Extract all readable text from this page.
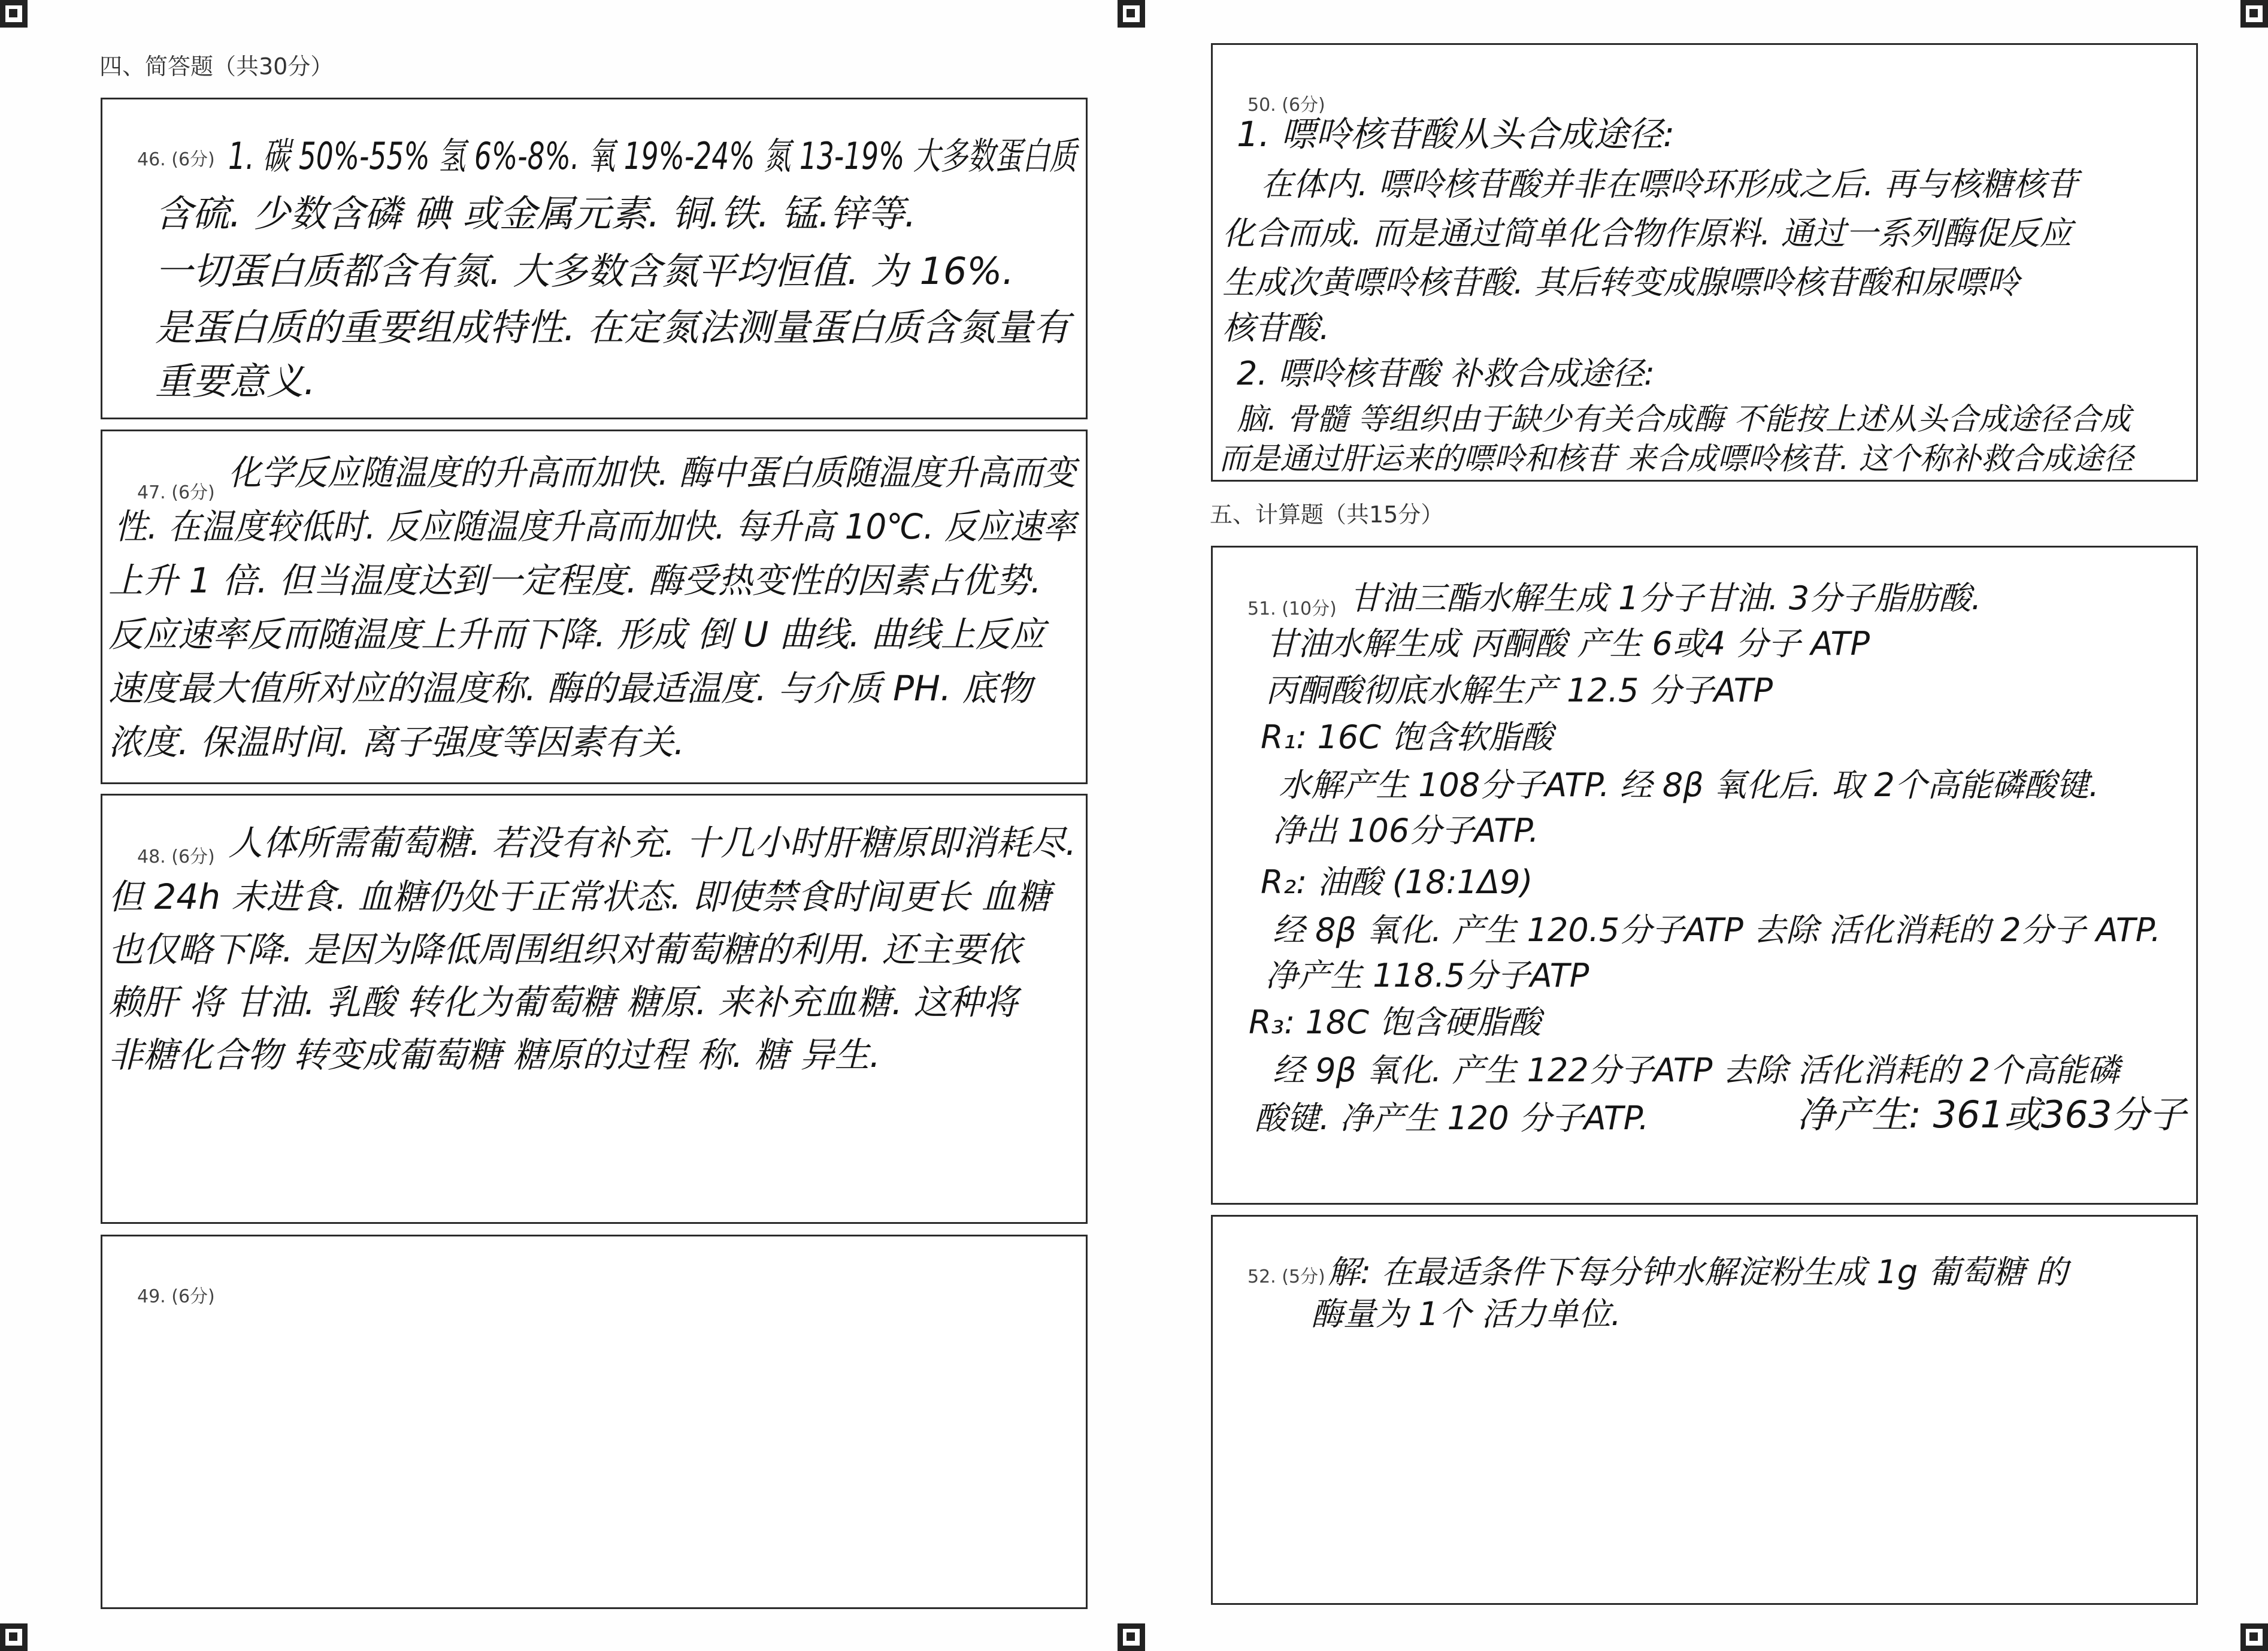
四、简答题（共30分）
五、计算题（共15分）
46. (6分) 1. 碳 50%-55% 氢 6%-8%. 氧 19%-24% 氮 13-19% 大多数蛋白质
含硫. 少数含磷 碘 或金属元素. 铜.铁. 锰.锌等.
一切蛋白质都含有氮. 大多数含氮平均恒值. 为 16%.
是蛋白质的重要组成特性. 在定氮法测量蛋白质含氮量有
重要意义.
47. (6分) 化学反应随温度的升高而加快. 酶中蛋白质随温度升高而变
性. 在温度较低时. 反应随温度升高而加快. 每升高 10℃. 反应速率
上升 1 倍. 但当温度达到一定程度. 酶受热变性的因素占优势.
反应速率反而随温度上升而下降. 形成 倒 U 曲线. 曲线上反应
速度最大值所对应的温度称. 酶的最适温度. 与介质 PH. 底物
浓度. 保温时间. 离子强度等因素有关.
48. (6分) 人体所需葡萄糖. 若没有补充. 十几小时肝糖原即消耗尽.
但 24h 未进食. 血糖仍处于正常状态. 即使禁食时间更长 血糖
也仅略下降. 是因为降低周围组织对葡萄糖的利用. 还主要依
赖肝 将 甘油. 乳酸 转化为葡萄糖 糖原. 来补充血糖. 这种将
非糖化合物 转变成葡萄糖 糖原的过程 称. 糖 异生.
49. (6分)
50. (6分)
1. 嘌呤核苷酸从头合成途径:
在体内. 嘌呤核苷酸并非在嘌呤环形成之后. 再与核糖核苷
化合而成. 而是通过简单化合物作原料. 通过一系列酶促反应
生成次黄嘌呤核苷酸. 其后转变成腺嘌呤核苷酸和尿嘌呤
核苷酸.
2. 嘌呤核苷酸 补救合成途径:
脑. 骨髓 等组织由于缺少有关合成酶 不能按上述从头合成途径合成
而是通过肝运来的嘌呤和核苷 来合成嘌呤核苷. 这个称补救合成途径
51. (10分) 甘油三酯水解生成 1分子甘油. 3分子脂肪酸.
甘油水解生成 丙酮酸 产生 6或4 分子 ATP
丙酮酸彻底水解生产 12.5 分子ATP
R₁: 16C 饱含软脂酸
水解产生 108分子ATP. 经 8β 氧化后. 取 2个高能磷酸键.
净出 106分子ATP.
R₂: 油酸 (18:1Δ9)
经 8β 氧化. 产生 120.5分子ATP 去除 活化消耗的 2分子 ATP.
净产生 118.5分子ATP
R₃: 18C 饱含硬脂酸
经 9β 氧化. 产生 122分子ATP 去除 活化消耗的 2个高能磷
酸键. 净产生 120 分子ATP.	净产生: 361或363分子
52. (5分) 解: 在最适条件下每分钟水解淀粉生成 1g 葡萄糖 的
酶量为 1个 活力单位.
